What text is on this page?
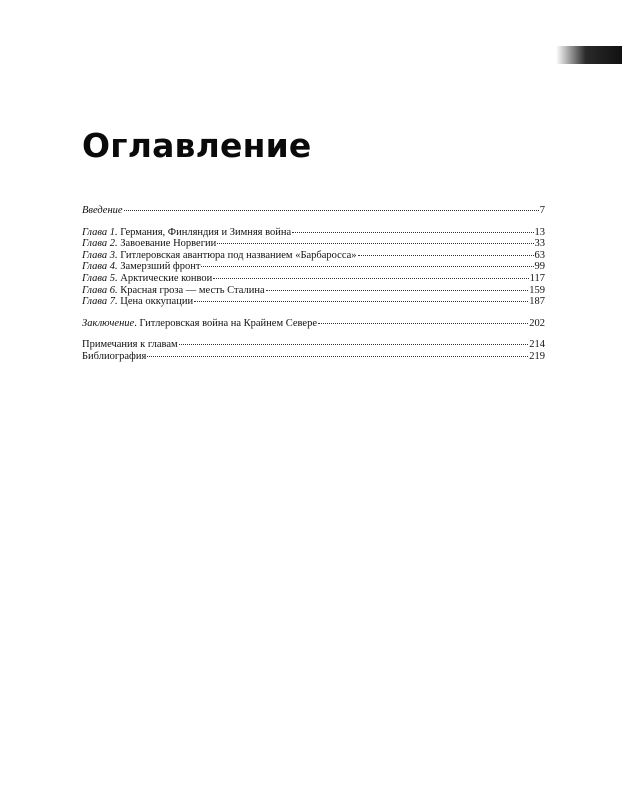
Оглавление
Введение	7
Глава 1. Германия, Финляндия и Зимняя война	13
Глава 2. Завоевание Норвегии	33
Глава 3. Гитлеровская авантюра под названием «Барбаросса»	63
Глава 4. Замерзший фронт	99
Глава 5. Арктические конвои	117
Глава 6. Красная гроза — месть Сталина	159
Глава 7. Цена оккупации	187
Заключение. Гитлеровская война на Крайнем Севере	202
Примечания к главам	214
Библиография	219
